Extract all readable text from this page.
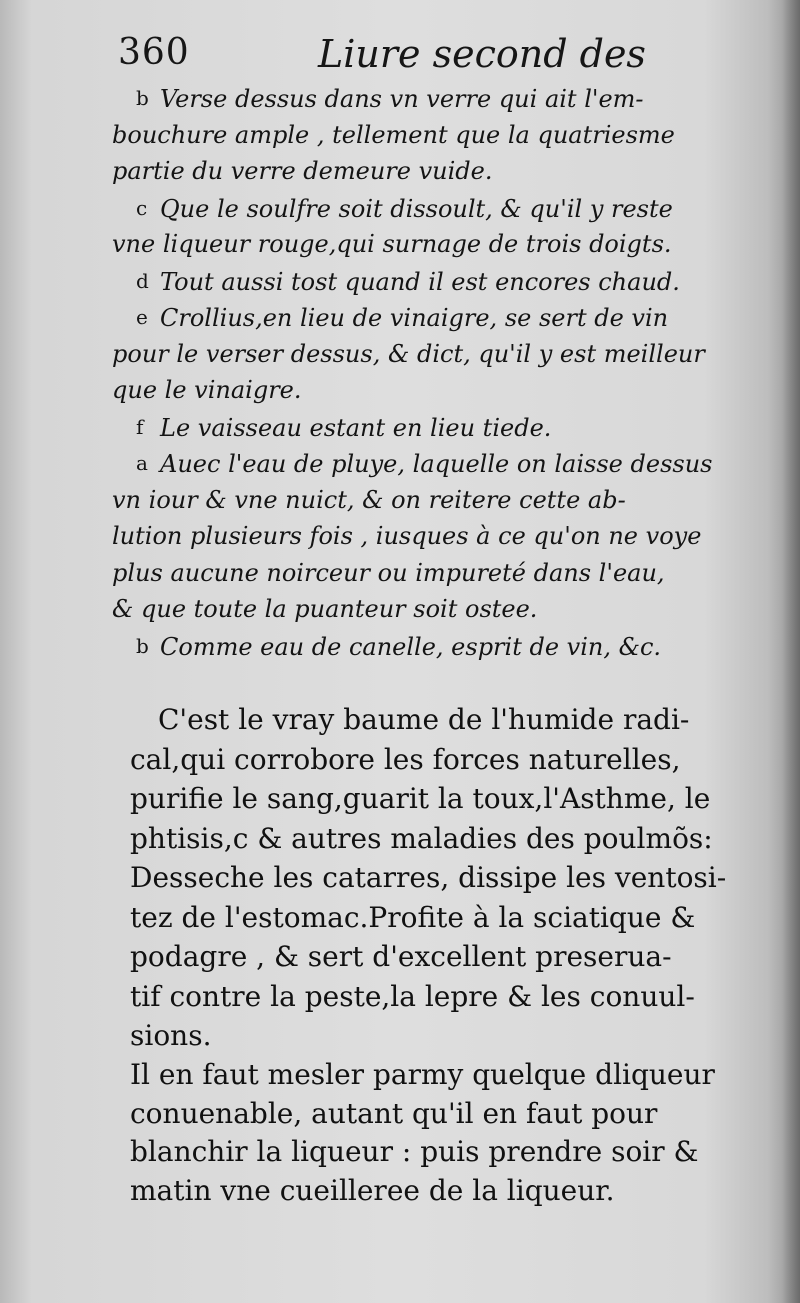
360	Liure second des
b Verse dessus dans vn verre qui ait l'em-
bouchure ample , tellement que la quatriesme
partie du verre demeure vuide.
c Que le soulfre soit dissoult, & qu'il y reste
vne liqueur rouge,qui surnage de trois doigts.
d Tout aussi tost quand il est encores chaud.
e Crollius,en lieu de vinaigre, se sert de vin
pour le verser dessus, & dict, qu'il y est meilleur
que le vinaigre.
f Le vaisseau estant en lieu tiede.
a Auec l'eau de pluye, laquelle on laisse dessus
vn iour & vne nuict, & on reitere cette ab-
lution plusieurs fois , iusques à ce qu'on ne voye
plus aucune noirceur ou impureté dans l'eau,
& que toute la puanteur soit ostee.
b Comme eau de canelle, esprit de vin, &c.
C'est le vray baume de l'humide radi-
cal,qui corrobore les forces naturelles,
purifie le sang,guarit la toux,l'Asthme, le
phtisis,c & autres maladies des poulmõs:
Desseche les catarres, dissipe les ventosi-
tez de l'estomac.Profite à la sciatique &
podagre , & sert d'excellent preserua-
tif contre la peste,la lepre & les conuul-
sions.
Il en faut mesler parmy quelque dliqueur
conuenable, autant qu'il en faut pour
blanchir la liqueur : puis prendre soir &
matin vne cueilleree de la liqueur.
